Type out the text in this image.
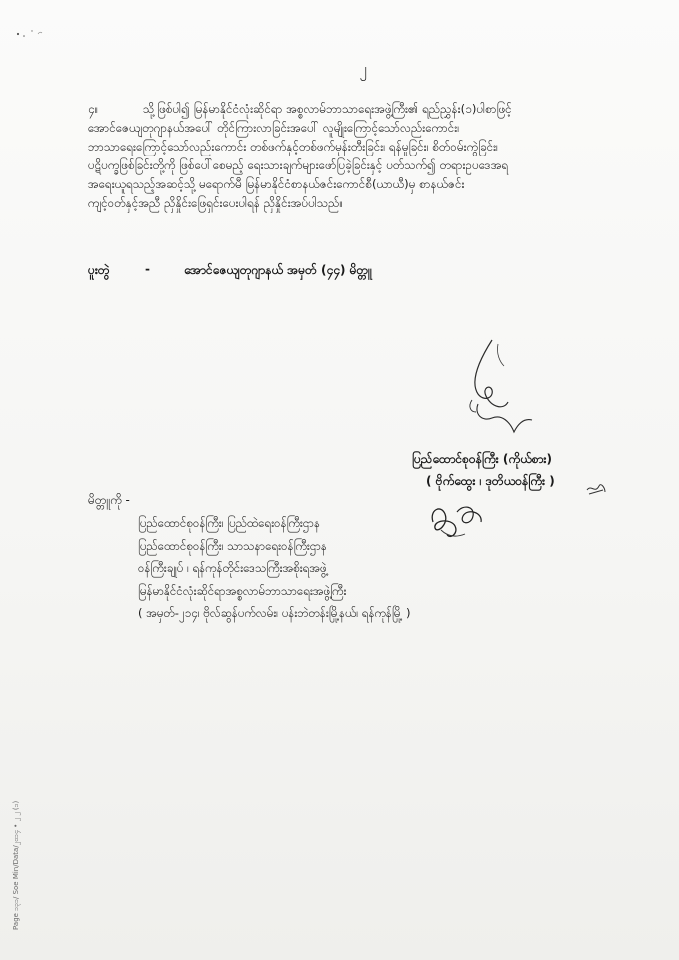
၂
၄။	သို့ဖြစ်ပါ၍ မြန်မာနိုင်ငံလုံးဆိုင်ရာ အစ္စလာမ်ဘာသာရေးအဖွဲ့ကြီး၏ ရည်ညွှန်း(၁)ပါစာဖြင့်
အောင်ဇေယျတုဂျာနယ်အပေါ် တိုင်ကြားလာခြင်းအပေါ် လူမျိုးကြောင့်သော်လည်းကောင်း၊
ဘာသာရေးကြောင့်သော်လည်းကောင်း တစ်ဖက်နှင့်တစ်ဖက်မုန်းတီးခြင်း၊ ရန်မူခြင်း၊ စိတ်ဝမ်းကွဲခြင်း၊
ပဋိပက္ခဖြစ်ခြင်းတို့ကို ဖြစ်ပေါ်စေမည့် ရေးသားချက်များဖော်ပြခဲ့ခြင်းနှင့် ပတ်သက်၍ တရားဥပဒေအရ
အရေးယူရသည့်အဆင့်သို့ မရောက်မီ မြန်မာနိုင်ငံစာနယ်ဇင်းကောင်စီ(ယာယီ)မှ စာနယ်ဇင်း
ကျင့်ဝတ်နှင့်အညီ ညှိနှိုင်းဖြေရှင်းပေးပါရန် ညှိနှိုင်းအပ်ပါသည်။
ပူးတွဲ	-	အောင်ဇေယျတုဂျာနယ် အမှတ် (၄၄) မိတ္တူ
ပြည်ထောင်စုဝန်ကြီး (ကိုယ်စား)
( ဗိုက်ထွေး ၊ ဒုတိယဝန်ကြီး )
မိတ္တူကို -
ပြည်ထောင်စုဝန်ကြီး၊ ပြည်ထဲရေးဝန်ကြီးဌာန
ပြည်ထောင်စုဝန်ကြီး၊ သာသနာရေးဝန်ကြီးဌာန
ဝန်ကြီးချုပ် ၊ ရန်ကုန်တိုင်းဒေသကြီးအစိုးရအဖွဲ့
မြန်မာနိုင်ငံလုံးဆိုင်ရာအစ္စလာမ်ဘာသာရေးအဖွဲ့ကြီး
( အမှတ်-၂၁၄၊ ဗိုလ်ဆွန်ပက်လမ်း၊ ပန်းဘဲတန်းမြို့နယ်၊ ရန်ကုန်မြို့ )
Page ၁၃၁/ Soe Min/Data/၂၀၁၄ • ၂ ၂ (၁)
